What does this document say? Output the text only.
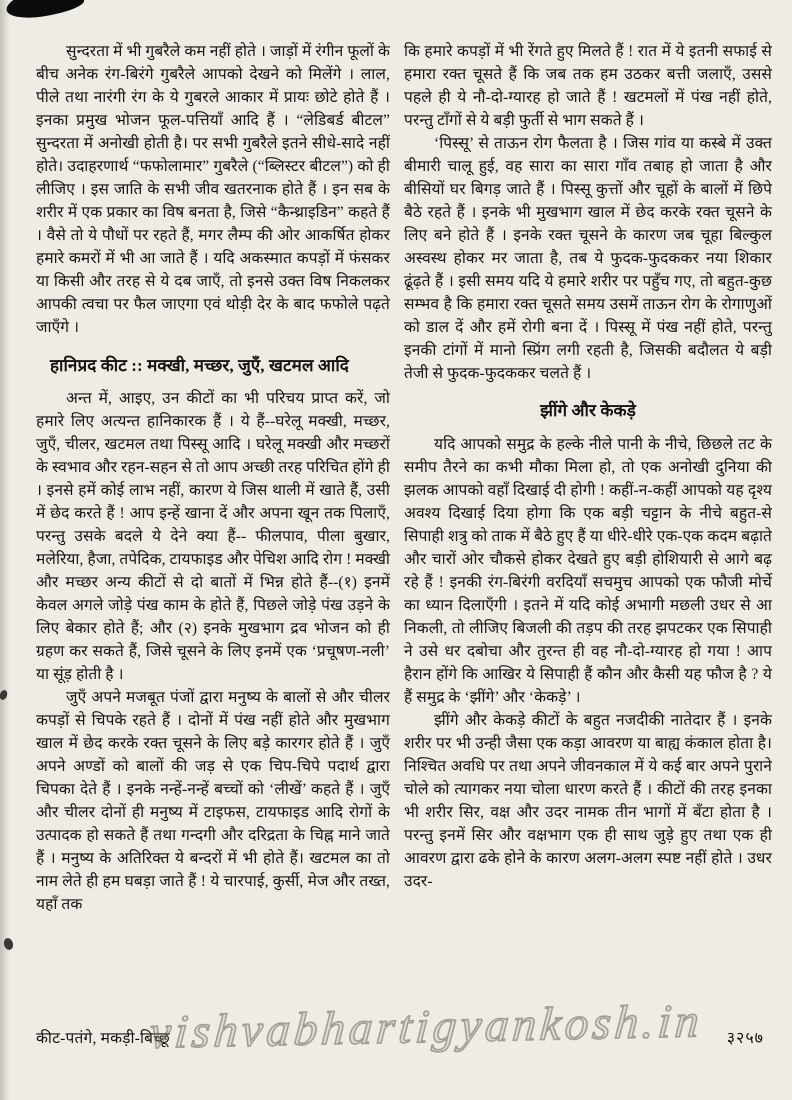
सुन्दरता में भी गुबरैले कम नहीं होते । जाड़ों में रंगीन फूलों के बीच अनेक रंग-बिरंगे गुबरैले आपको देखने को मिलेंगे । लाल, पीले तथा नारंगी रंग के ये गुबरले आकार में प्रायः छोटे होते हैं । इनका प्रमुख भोजन फूल-पत्तियाँ आदि हैं । “लेडिबर्ड बीटल” सुन्दरता में अनोखी होती है। पर सभी गुबरैले इतने सीधे-सादे नहीं होते। उदाहरणार्थ “फफोलामार” गुबरैले (“ब्लिस्टर बीटल”) को ही लीजिए । इस जाति के सभी जीव खतरनाक होते हैं । इन सब के शरीर में एक प्रकार का विष बनता है, जिसे “कैन्थ्राइडिन” कहते हैं । वैसे तो ये पौधों पर रहते हैं, मगर लैम्प की ओर आकर्षित होकर हमारे कमरों में भी आ जाते हैं । यदि अकस्मात कपड़ों में फंसकर या किसी और तरह से ये दब जाएँ, तो इनसे उक्त विष निकलकर आपकी त्वचा पर फैल जाएगा एवं थोड़ी देर के बाद फफोले पढ़ते जाएँगे ।

हानिप्रद कीट :: मक्खी, मच्छर, जुएँ, खटमल आदि

अन्त में, आइए, उन कीटों का भी परिचय प्राप्त करें, जो हमारे लिए अत्यन्त हानिकारक हैं । ये हैं--घरेलू मक्खी, मच्छर, जुएँ, चीलर, खटमल तथा पिस्सू आदि । घरेलू मक्खी और मच्छरों के स्वभाव और रहन-सहन से तो आप अच्छी तरह परिचित होंगे ही । इनसे हमें कोई लाभ नहीं, कारण ये जिस थाली में खाते हैं, उसी में छेद करते हैं ! आप इन्हें खाना दें और अपना खून तक पिलाएँ, परन्तु उसके बदले ये देने क्या हैं-- फीलपाव, पीला बुखार, मलेरिया, हैजा, तपेदिक, टायफाइड और पेचिश आदि रोग ! मक्खी और मच्छर अन्य कीटों से दो बातों में भिन्न होते हैं--(१) इनमें केवल अगले जोड़े पंख काम के होते हैं, पिछले जोड़े पंख उड़ने के लिए बेकार होते हैं; और (२) इनके मुखभाग द्रव भोजन को ही ग्रहण कर सकते हैं, जिसे चूसने के लिए इनमें एक ‘प्रचूषण-नली’ या सूंड़ होती है ।

जुएँ अपने मजबूत पंजों द्वारा मनुष्य के बालों से और चीलर कपड़ों से चिपके रहते हैं । दोनों में पंख नहीं होते और मुखभाग खाल में छेद करके रक्त चूसने के लिए बड़े कारगर होते हैं । जुएँ अपने अण्डों को बालों की जड़ से एक चिप-चिपे पदार्थ द्वारा चिपका देते हैं । इनके नन्हें-नन्हें बच्चों को ‘लीखें’ कहते हैं । जुएँ और चीलर दोनों ही मनुष्य में टाइफस, टायफाइड आदि रोगों के उत्पादक हो सकते हैं तथा गन्दगी और दरिद्रता के चिह्न माने जाते हैं । मनुष्य के अतिरिक्त ये बन्दरों में भी होते हैं। खटमल का तो नाम लेते ही हम घबड़ा जाते हैं ! ये चारपाई, कुर्सी, मेज और तख्त, यहाँ तक

कि हमारे कपड़ों में भी रेंगते हुए मिलते हैं ! रात में ये इतनी सफाई से हमारा रक्त चूसते हैं कि जब तक हम उठकर बत्ती जलाएँ, उससे पहले ही ये नौ-दो-ग्यारह हो जाते हैं ! खटमलों में पंख नहीं होते, परन्तु टाँगों से ये बड़ी फुर्ती से भाग सकते हैं ।

‘पिस्सू’ से ताऊन रोग फैलता है । जिस गांव या कस्बे में उक्त बीमारी चालू हुई, वह सारा का सारा गाँव तबाह हो जाता है और बीसियों घर बिगड़ जाते हैं । पिस्सू कुत्तों और चूहों के बालों में छिपे बैठे रहते हैं । इनके भी मुखभाग खाल में छेद करके रक्त चूसने के लिए बने होते हैं । इनके रक्त चूसने के कारण जब चूहा बिल्कुल अस्वस्थ होकर मर जाता है, तब ये फुदक-फुदककर नया शिकार ढूंढ़ते हैं । इसी समय यदि ये हमारे शरीर पर पहुँच गए, तो बहुत-कुछ सम्भव है कि हमारा रक्त चूसते समय उसमें ताऊन रोग के रोगाणुओं को डाल दें और हमें रोगी बना दें । पिस्सू में पंख नहीं होते, परन्तु इनकी टांगों में मानो स्प्रिंग लगी रहती है, जिसकी बदौलत ये बड़ी तेजी से फुदक-फुदककर चलते हैं ।

झींगे और केकड़े

यदि आपको समुद्र के हल्के नीले पानी के नीचे, छिछले तट के समीप तैरने का कभी मौका मिला हो, तो एक अनोखी दुनिया की झलक आपको वहाँ दिखाई दी होगी ! कहीं-न-कहीं आपको यह दृश्य अवश्य दिखाई दिया होगा कि एक बड़ी चट्टान के नीचे बहुत-से सिपाही शत्रु को ताक में बैठे हुए हैं या धीरे-धीरे एक-एक कदम बढ़ाते और चारों ओर चौकसे होकर देखते हुए बड़ी होशियारी से आगे बढ़ रहे हैं ! इनकी रंग-बिरंगी वरदियाँ सचमुच आपको एक फौजी मोर्चे का ध्यान दिलाएँगी । इतने में यदि कोई अभागी मछली उधर से आ निकली, तो लीजिए बिजली की तड़प की तरह झपटकर एक सिपाही ने उसे धर दबोचा और तुरन्त ही वह नौ-दो-ग्यारह हो गया ! आप हैरान होंगे कि आखिर ये सिपाही हैं कौन और कैसी यह फौज है ? ये हैं समुद्र के ‘झींगे’ और ‘केकड़े’ ।

झींगे और केकड़े कीटों के बहुत नजदीकी नातेदार हैं । इनके शरीर पर भी उन्ही जैसा एक कड़ा आवरण या बाह्य कंकाल होता है। निश्चित अवधि पर तथा अपने जीवनकाल में ये कई बार अपने पुराने चोले को त्यागकर नया चोला धारण करते हैं । कीटों की तरह इनका भी शरीर सिर, वक्ष और उदर नामक तीन भागों में बँटा होता है । परन्तु इनमें सिर और वक्षभाग एक ही साथ जुड़े हुए तथा एक ही आवरण द्वारा ढके होने के कारण अलग-अलग स्पष्ट नहीं होते । उधर उदर-

कीट-पतंगे, मकड़ी-बिच्छू	३२५७
vishvabhartigyankosh.in
